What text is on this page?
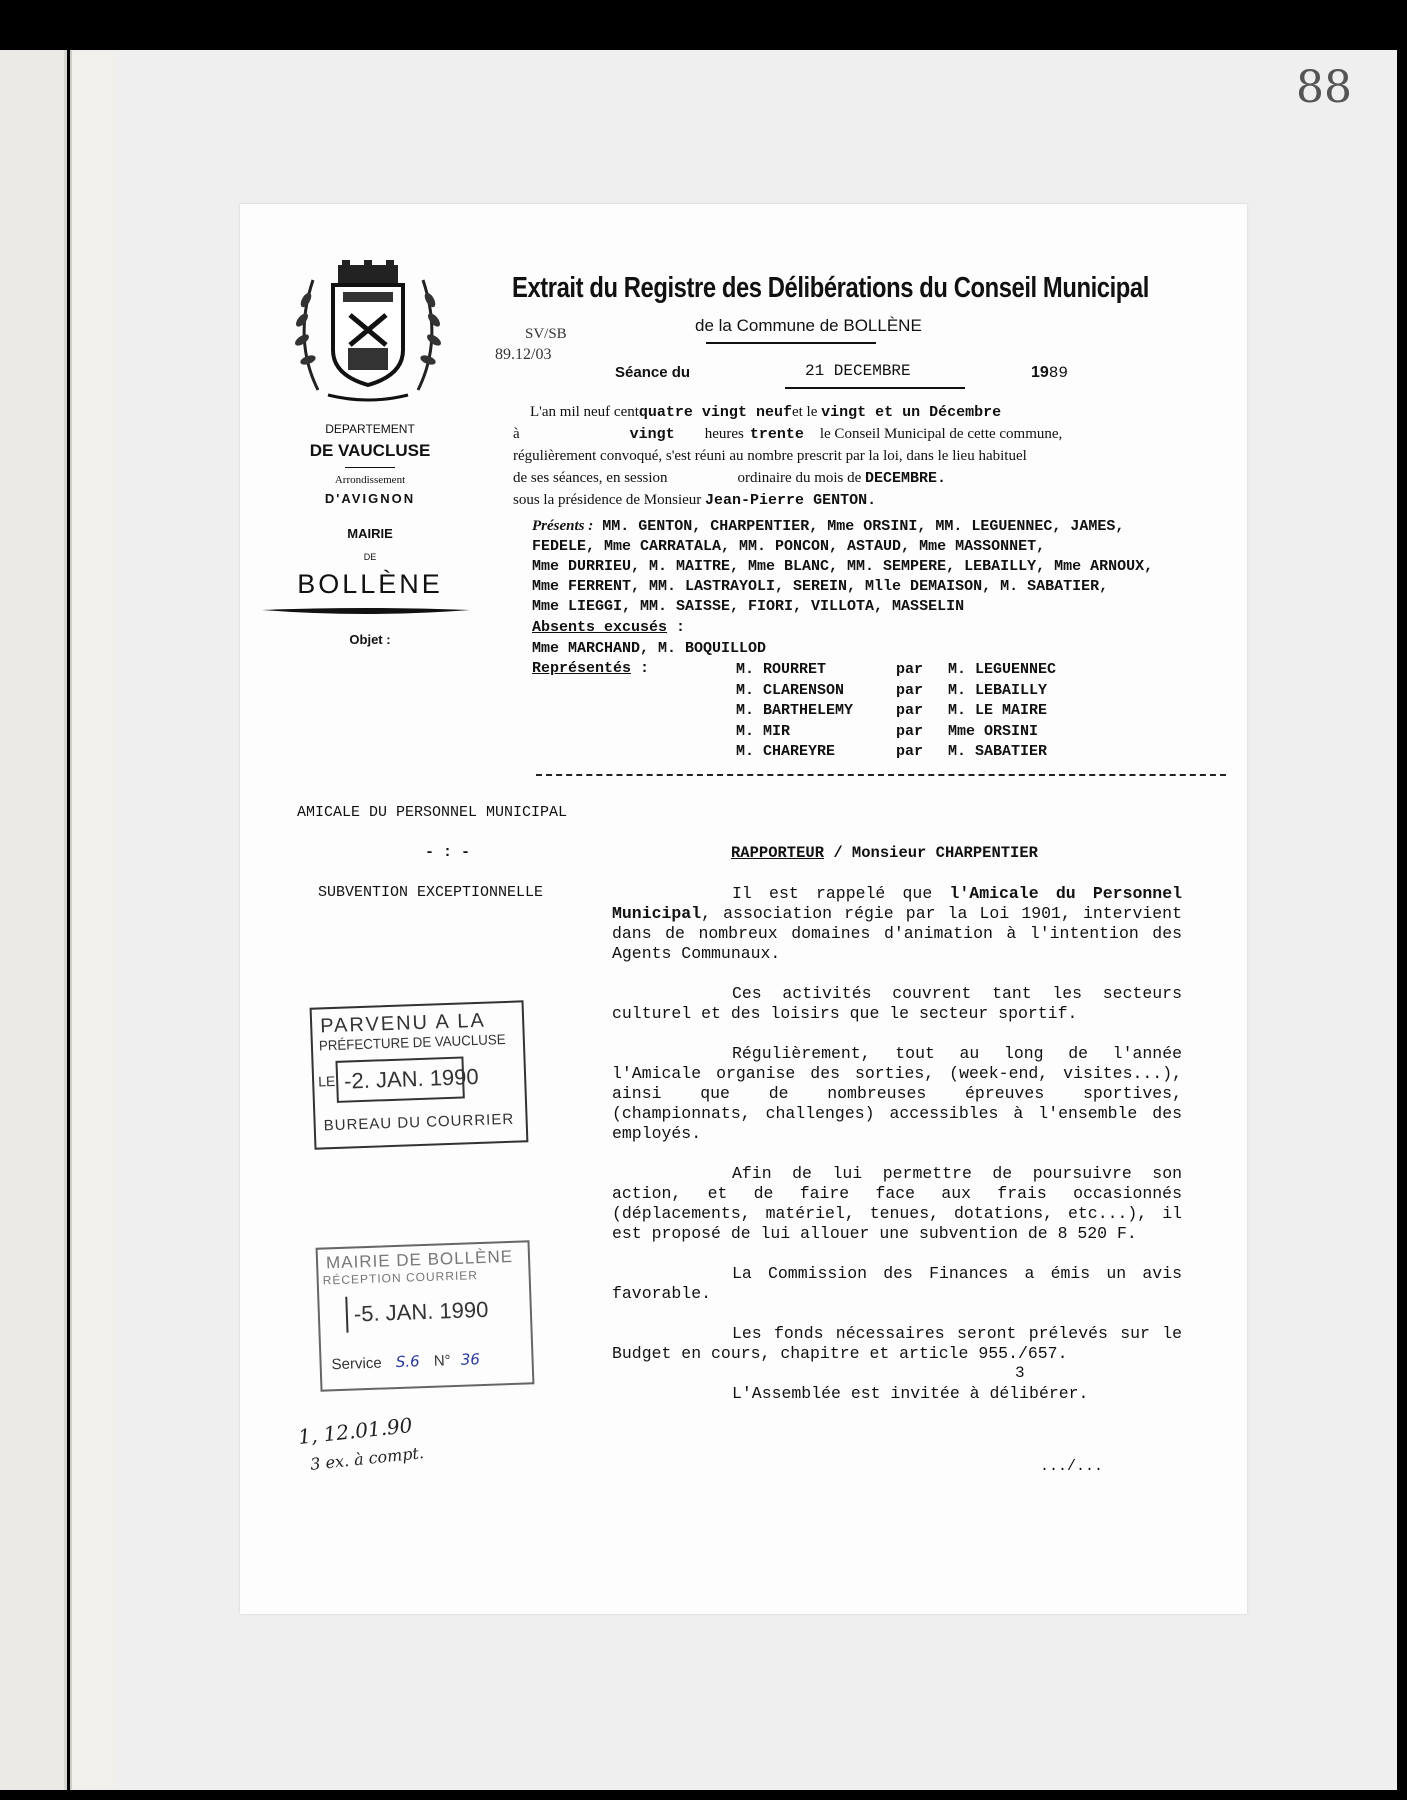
88
DEPARTEMENT
DE VAUCLUSE
Arrondissement
D'AVIGNON
MAIRIE
DE
BOLLÈNE
Objet :
Extrait du Registre des Délibérations du Conseil Municipal
de la Commune de BOLLÈNE
SV/SB
89.12/03
Séance du	21 DECEMBRE	1989
L'an mil neuf centquatre vingt neufet le vingt et un Décembre
à	vingt heures trente le Conseil Municipal de cette commune,
régulièrement convoqué, s'est réuni au nombre prescrit par la loi, dans le lieu habituel
de ses séances, en session	ordinaire du mois de DECEMBRE.
sous la présidence de Monsieur Jean-Pierre GENTON.
Présents : MM. GENTON, CHARPENTIER, Mme ORSINI, MM. LEGUENNEC, JAMES,
FEDELE, Mme CARRATALA, MM. PONCON, ASTAUD, Mme MASSONNET,
Mme DURRIEU, M. MAITRE, Mme BLANC, MM. SEMPERE, LEBAILLY, Mme ARNOUX,
Mme FERRENT, MM. LASTRAYOLI, SEREIN, Mlle DEMAISON, M. SABATIER,
Mme LIEGGI, MM. SAISSE, FIORI, VILLOTA, MASSELIN
Absents excusés :
Mme MARCHAND, M. BOQUILLOD
Représentés :	M. ROURRET	par M. LEGUENNEC
M. CLARENSON	par M. LEBAILLY
M. BARTHELEMY	par M. LE MAIRE
M. MIR	par Mme ORSINI
M. CHAREYRE	par M. SABATIER
AMICALE DU PERSONNEL MUNICIPAL
- : -
SUBVENTION EXCEPTIONNELLE
RAPPORTEUR / Monsieur CHARPENTIER
Il est rappelé que l'Amicale du Personnel Municipal, association régie par la Loi 1901, intervient dans de nombreux domaines d'animation à l'intention des Agents Communaux.
Ces activités couvrent tant les secteurs culturel et des loisirs que le secteur sportif.
Régulièrement, tout au long de l'année l'Amicale organise des sorties, (week-end, visites...), ainsi que de nombreuses épreuves sportives, (championnats, challenges) accessibles à l'ensemble des employés.
Afin de lui permettre de poursuivre son action, et de faire face aux frais occasionnés (déplacements, matériel, tenues, dotations, etc...), il est proposé de lui allouer une subvention de 8 520 F.
La Commission des Finances a émis un avis favorable.
Les fonds nécessaires seront prélevés sur le Budget en cours, chapitre et article 955./657.
3
L'Assemblée est invitée à délibérer.
.../...
PARVENU A LA
PRÉFECTURE DE VAUCLUSE
LE -2. JAN. 1990
BUREAU DU COURRIER
MAIRIE DE BOLLÈNE
RÉCEPTION COURRIER
-5. JAN. 1990
Service S.6 N° 36
1, 12.01.90
3 ex. à compt.
